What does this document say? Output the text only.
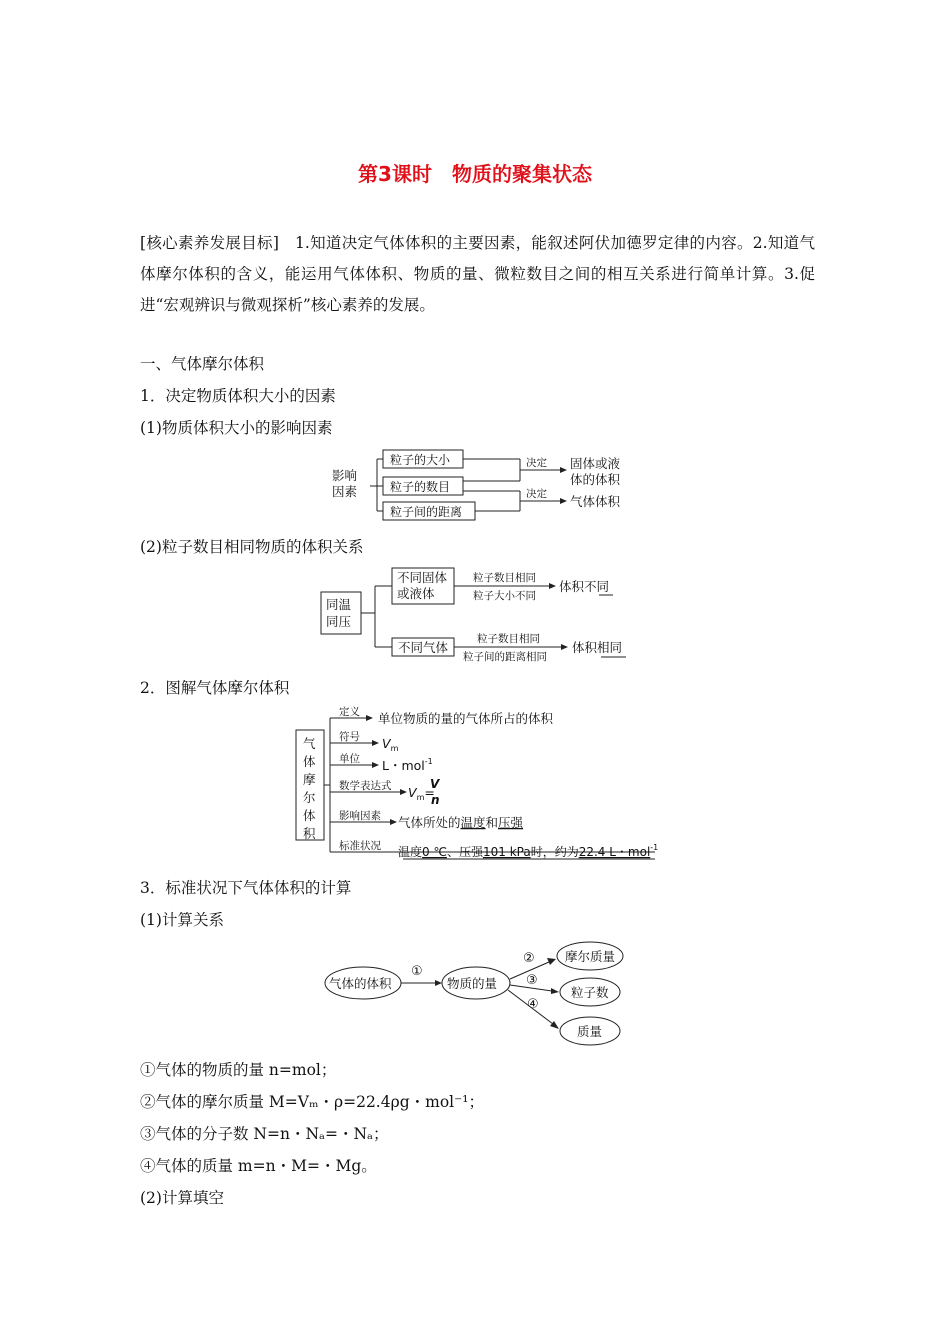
第3课时　物质的聚集状态
[核心素养发展目标]　1.知道决定气体体积的主要因素，能叙述阿伏加德罗定律的内容。2.知道气体摩尔体积的含义，能运用气体体积、物质的量、微粒数目之间的相互关系进行简单计算。3.促进“宏观辨识与微观探析”核心素养的发展。
一、气体摩尔体积
1．决定物质体积大小的因素
(1)物质体积大小的影响因素
影响
因素
粒子的大小
粒子的数目
粒子间的距离
决定
决定
固体或液
体的体积
气体体积
(2)粒子数目相同物质的体积关系
同温
同压
不同固体
或液体
不同气体
粒子数目相同
粒子大小不同
粒子数目相同
粒子间的距离相同
体积不同
体积相同
2．图解气体摩尔体积
气
体
摩
尔
体
积
定义
符号
单位
数学表达式
影响因素
标准状况
单位物质的量的气体所占的体积
$V_m$
L・mol$^{-1}$
$V_m=$
V
n
气体所处的温度和压强
温度0 ℃、压强101 kPa时，约为22.4 L・mol$^{-1}$
3．标准状况下气体体积的计算
(1)计算关系
气体的体积	物质的量
摩尔质量
粒子数
质量
①
②
③
④
①气体的物质的量 n=mol；
②气体的摩尔质量 M=Vₘ・ρ=22.4ρg・mol⁻¹；
③气体的分子数 N=n・Nₐ=・Nₐ；
④气体的质量 m=n・M=・Mg。
(2)计算填空
